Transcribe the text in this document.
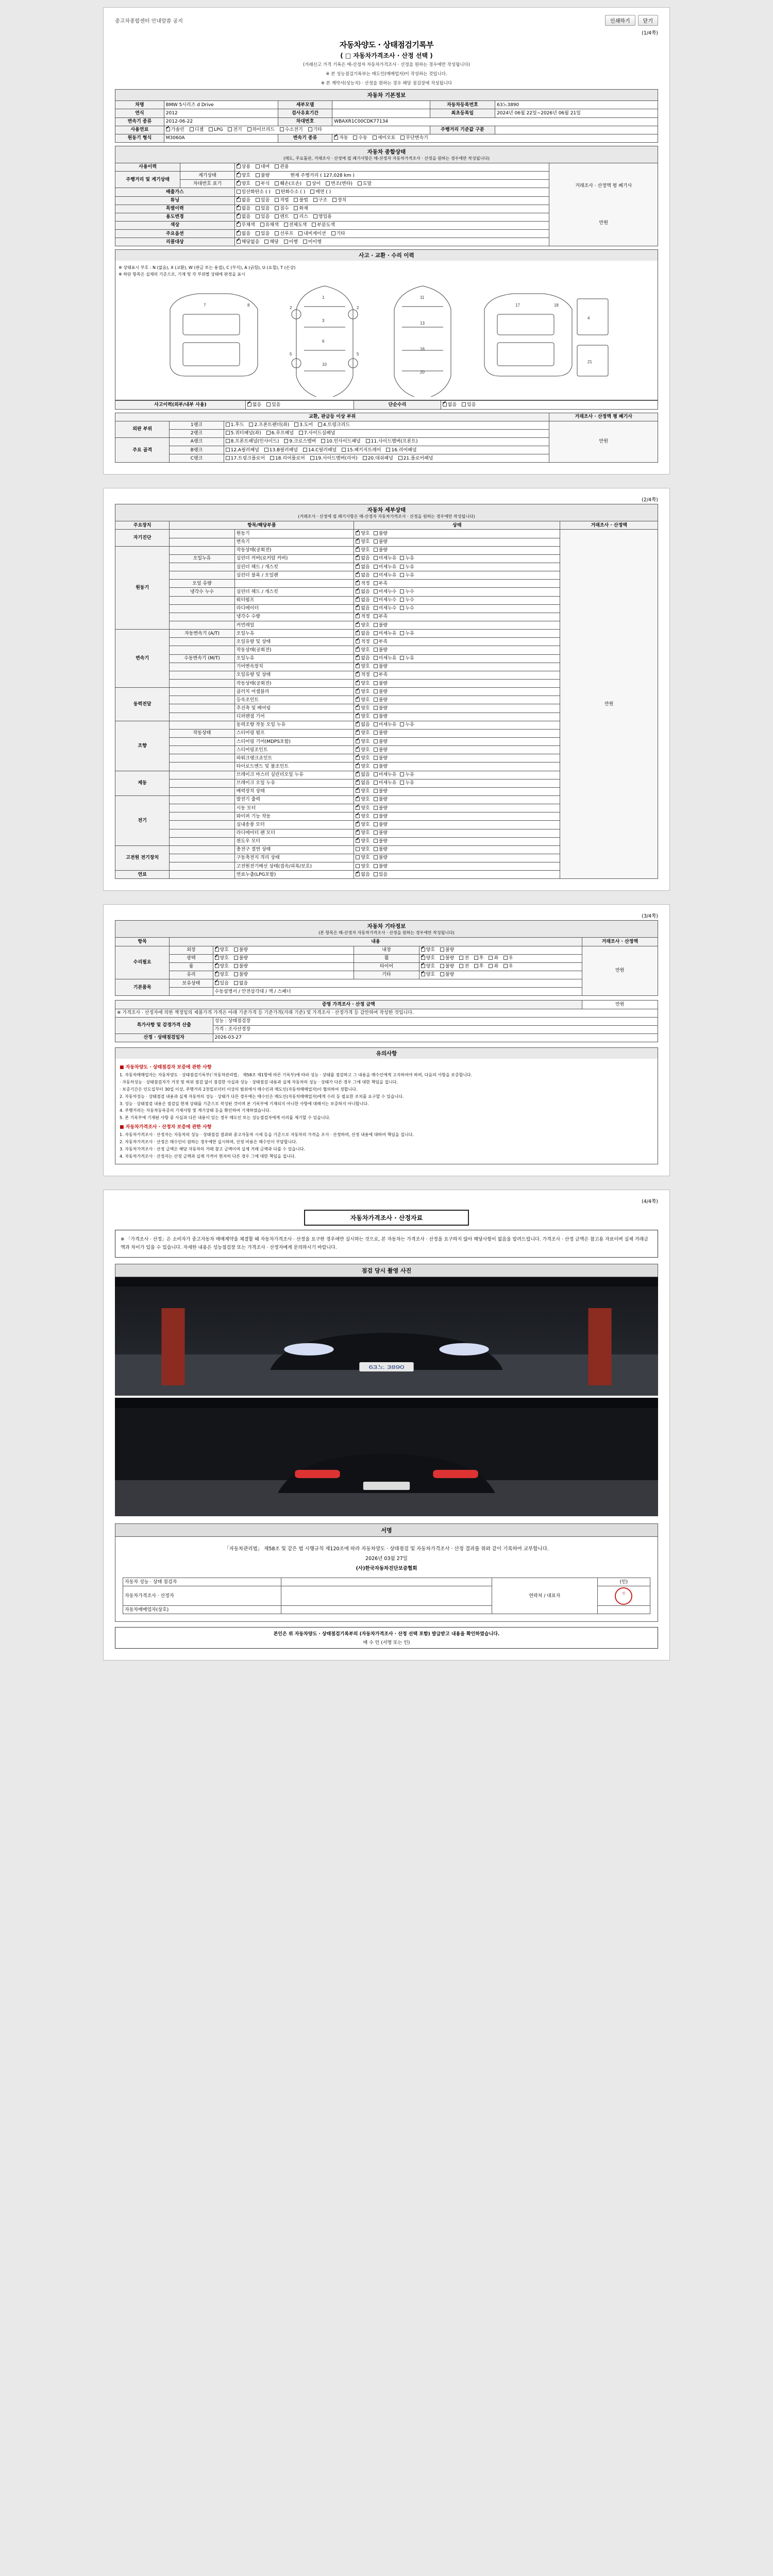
중고차종합센터 안내말씀 공지	인쇄하기	닫기
(1/4쪽)
자동차양도 · 상태점검기록부
( □ 자동차가격조사 · 산정 선택 )
(거래신고 가격 기록은 매-산정자 자동차가격조사 · 산정을 원하는 경우에만 작성됩니다)
※ 본 성능점검기록부는 매도인(매매업자)이 작성하는 것입니다.
※ 본 계약서(성능지) · 산정을 원하는 경우 해당 점검장에 작성됩니다
자동차 기본정보
차명	BMW 5시리즈 d Drive	세부모델		자동차등록번호	63노3890
연식	2012	검사유효기간		최초등록일	2024년 06월 22일~2026년 06월 21일
변속기 종류	2012-06-22	차대번호	WBAXR1C00CDK77134		
사용연료	✔가솔린 디젤 LPG 전기 하이브리드 수소전기 기타			주행거리 기준값 구분	
원동기 형식	M3060A	변속기 종류	✔자동 수동 세미오토 무단변속기
자동차 종합상태
(매도, 주요품관, 거래조사 · 산정에 필 폐기사항은 매-산정자 자동차가격조사 · 산정을 원하는 경우에만 작성됩니다)
사용이력		✔상용 대여 관용	거래조사 · 산정액 평 폐기사
만원

주행거리 및 계기상태	계기상태	✔양호 불량 현재 주행거리 ( 127,028 km )
	차대번호 표기	✔양호 부식 훼손(오손) 상이 변조(변타) 도말
배출가스		일산화탄소 ( ) 탄화수소 ( ) 매연 ( )	
튜닝	✔없음 있음 적법 불법 구조 장치
특별이력	✔없음 있음 침수 화재
용도변경	✔없음 있음 렌트 리스 영업용
색상	✔무채색 유채색 전체도색 부분도색
주요옵션	✔없음 있음 선루프 내비게이션 기타
리콜대상	✔해당없음 해당 이행 미이행
사고 · 교환 · 수리 이력
※ 상태표시 부호 : N (없음), X (교환), W (판금 또는 용접), C (부식), A (긁힘), U (요철), T (손상)
※ 하단 항목은 실제의 기준으로, 기재 및 각 부위별 상태에 판정을 표시
1
3
6
10
2	2
5	5
11
13
16
20
7	8	17	18
4
21
사고이력(외부/내부 사용)	✔없음 있음	단순수리	✔없음 있음
교환, 판금등 이상 부위			거래조사 · 산정액 평 폐기사
외판 부위	1랭크	1.후드 2.프론트펜더(좌) 3.도어 4.트렁크리드	만원
	2랭크	5.쿼터패널(좌) 6.루프패널 7.사이드실패널	
주요 골격	A랭크	8.프론트패널(인사이드) 9.크로스멤버 10.인사이드패널 11.사이드멤버(프론트)	
	B랭크	12.A필러패널 13.B필러패널 14.C필러패널 15.패키지트레이 16.리어패널	
	C랭크	17.트렁크플로어 18.리어플로어 19.사이드멤버(리어) 20.대쉬패널 21.플로어패널	
(2/4쪽)
자동차 세부상태
(거래조사 · 산정에 필 폐기사항은 매-산정자 자동차가격조사 · 산정을 원하는 경우에만 작성됩니다)
주요장치	항목/해당부품		상태	거래조사 · 산정액
자기진단		원동기	✔양호 불량	만원
		변속기	✔양호 불량
원동기		작동상태(공회전)	✔양호 불량
	오일누유	실린더 커버(로커암 커버)	✔없음 미세누유 누유
		실린더 헤드 / 개스킷	✔없음 미세누유 누유
		실린더 블록 / 오일팬	✔없음 미세누유 누유
	오일 유량		✔적정 부족
	냉각수 누수	실린더 헤드 / 개스킷	✔없음 미세누수 누수
		워터펌프	✔없음 미세누수 누수
		라디에이터	✔없음 미세누수 누수
		냉각수 수량	✔적정 부족
		커먼레일	✔양호 불량
변속기	자동변속기 (A/T)	오일누유	✔없음 미세누유 누유
		오일유량 및 상태	✔적정 부족
		작동상태(공회전)	✔양호 불량
	수동변속기 (M/T)	오일누유	✔없음 미세누유 누유
		기어변속장치	✔양호 불량
		오일유량 및 상태	✔적정 부족
		작동상태(공회전)	✔양호 불량
동력전달		클러치 어셈블리	✔양호 불량
		등속조인트	✔양호 불량
		추진축 및 베어링	✔양호 불량
		디퍼렌셜 기어	✔양호 불량
조향		동력조향 작동 오일 누유	✔없음 미세누유 누유
	작동상태	스티어링 펌프	✔양호 불량
		스티어링 기어(MDPS포함)	✔양호 불량
		스티어링조인트	✔양호 불량
		파워크랭크죠인트	✔양호 불량
		타이로드엔드 및 볼조인트	✔양호 불량
제동		브레이크 마스터 실린더오일 누유	✔없음 미세누유 누유
		브레이크 오일 누유	✔없음 미세누유 누유
		배력장치 상태	✔양호 불량
전기		발전기 출력	✔양호 불량
		시동 모터	✔양호 불량
		와이퍼 기능 작동	✔양호 불량
		실내송풍 모터	✔양호 불량
		라디에이터 팬 모터	✔양호 불량
		윈도우 모터	✔양호 불량
고전원 전기장치		충전구 절연 상태	양호 불량	
		구동축전지 격리 상태	양호 불량	
		고전원전기배선 상태(접속/피복/보호)	양호 불량	
연료		연료누출(LPG포함)	✔없음 있음
(3/4쪽)
자동차 기타정보
(본 항목은 매-산정자 자동차가격조사 · 산정을 원하는 경우에만 작성됩니다)
항목	내용				거래조사 · 산정액
수리필요	외장	✔양호 불량	내장	✔양호 불량	만원
	광택	✔양호 불량	휠	✔양호 불량 전 후 좌 우
	룸	✔양호 불량	타이어	✔양호 불량 전 후 좌 우
	유리	✔양호 불량	기타	✔양호 불량
기본품목	보유상태	✔있음 없음
		수동설명서 / 안전삼각대 / 잭 / 스패너			
증명 가격조사 · 산정 금액		만원
※ 가격조사 · 산정자에 의한 책정임의 제품가격 가격은 아래 기준가격 등 기준가격(거래 기준) 및 가격조사 · 산정가격 등 감안하여 작성한 것입니다.		
특가사항 및 감경가격 산출	성능 : 상태점검장	
	가격 : 조사산정장	
산정 · 상태점검일자	2026-03-27	
유의사항
■ 자동차양도 · 상태점검자 보증에 관한 사항

1. 자동차매매업자는 자동차양도 · 상태점검기록부(「자동차관리법」 제58조 제1항에 따른 기록부)에 따라 성능 · 상태를 점검하고 그 내용을 매수인에게 고지하여야 하며, 다음의 사항을 보증합니다.

· 자동차성능 · 상태점검자가 거짓 및 허위 점검 없이 점검한 사실과 성능 · 상태점검 내용과 실제 자동차의 성능 · 상태가 다른 경우 그에 대한 책임을 집니다.

· 보증기간은 인도일부터 30일 이상, 주행거리 2천킬로미터 이상의 범위에서 매수인과 매도인(자동차매매업자)이 협의하여 정합니다.

2. 자동차성능 · 상태점검 내용과 실제 자동차의 성능 · 상태가 다른 경우에는 매수인은 매도인(자동차매매업자)에게 수리 등 필요한 조치를 요구할 수 있습니다.

3. 성능 · 상태점검 내용은 점검일 현재 상태를 기준으로 작성된 것이며 본 기록부에 기재되지 아니한 사항에 대해서는 보증하지 아니합니다.

4. 주행거리는 자동차등록증의 기재사항 및 계기상태 등을 확인하여 기재하였습니다.

5. 본 기록부에 기재된 사항 중 사실과 다른 내용이 있는 경우 매도인 또는 성능점검자에게 이의를 제기할 수 있습니다.

■ 자동차가격조사 · 산정자 보증에 관한 사항

1. 자동차가격조사 · 산정자는 자동차의 성능 · 상태점검 결과와 중고자동차 시세 등을 기준으로 자동차의 가격을 조사 · 산정하며, 산정 내용에 대하여 책임을 집니다.

2. 자동차가격조사 · 산정은 매수인이 원하는 경우에만 실시하며, 산정 비용은 매수인이 부담합니다.

3. 자동차가격조사 · 산정 금액은 해당 자동차의 거래 참고 금액이며 실제 거래 금액과 다를 수 있습니다.

4. 자동차가격조사 · 산정자는 산정 금액과 실제 가격이 현저히 다른 경우 그에 대한 책임을 집니다.

(4/4쪽)
자동차가격조사 · 산정자료
※ 「가격조사 · 산정」은 소비자가 중고자동차 매매계약을 체결할 때 자동차가격조사 · 산정을 요구한 경우에만 실시하는 것으로, 본 자동차는 가격조사 · 산정을 요구하지 않아 해당사항이 없음을 알려드립니다. 가격조사 · 산정 금액은 참고용 자료이며 실제 거래금액과 차이가 있을 수 있습니다. 자세한 내용은 성능점검장 또는 가격조사 · 산정자에게 문의하시기 바랍니다.
점검 당시 촬영 사진
63노 3890
서명
「자동차관리법」 제58조 및 같은 법 시행규칙 제120조에 따라 자동차양도 · 상태점검 및 자동차가격조사 · 산정 결과를 위와 같이 기록하여 교부합니다.
2026년 03월 27일
(사)한국자동차진단보증협회
자동차 성능 · 상태 점검자		연락처 / 대표자	(인)
자동차가격조사 · 산정자			인
자동차매매업자(상호)			
본인은 위 자동차양도 · 상태점검기록부의 (자동차가격조사 · 산정 선택 포함) 발급받고 내용을 확인하였습니다.
매 수 인 (서명 또는 인)
